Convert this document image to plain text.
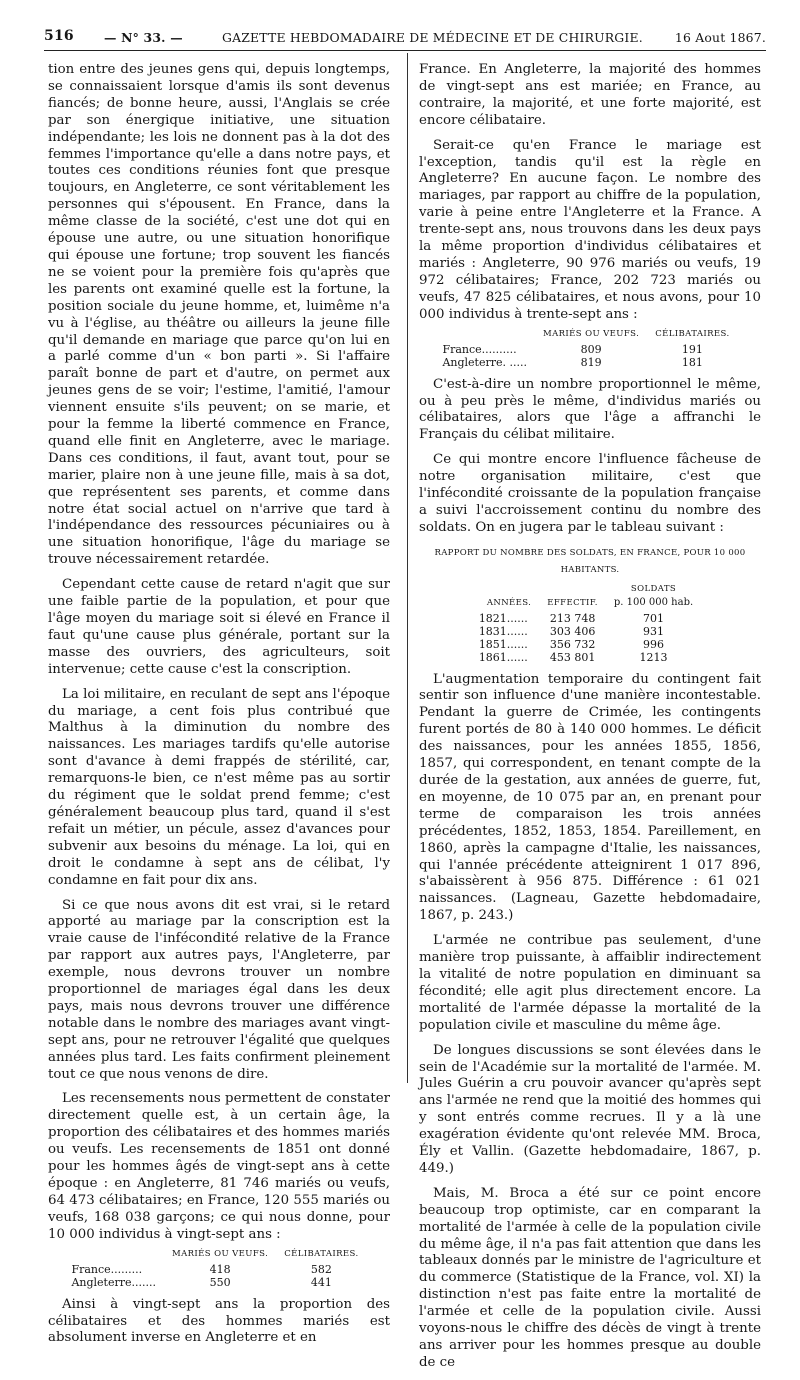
516 — N° 33. —	GAZETTE HEBDOMADAIRE DE MÉDECINE ET DE CHIRURGIE.	16 Aout 1867.

tion entre des jeunes gens qui, depuis longtemps, se connaissaient lorsque d'amis ils sont devenus fiancés; de bonne heure, aussi, l'Anglais se crée par son énergique initiative, une situation indépendante; les lois ne donnent pas à la dot des femmes l'importance qu'elle a dans notre pays, et toutes ces conditions réunies font que presque toujours, en Angleterre, ce sont véritablement les personnes qui s'épousent. En France, dans la même classe de la société, c'est une dot qui en épouse une autre, ou une situation honorifique qui épouse une fortune; trop souvent les fiancés ne se voient pour la première fois qu'après que les parents ont examiné quelle est la fortune, la position sociale du jeune homme, et, luimême n'a vu à l'église, au théâtre ou ailleurs la jeune fille qu'il demande en mariage que parce qu'on lui en a parlé comme d'un « bon parti ». Si l'affaire paraît bonne de part et d'autre, on permet aux jeunes gens de se voir; l'estime, l'amitié, l'amour viennent ensuite s'ils peuvent; on se marie, et pour la femme la liberté commence en France, quand elle finit en Angleterre, avec le mariage. Dans ces conditions, il faut, avant tout, pour se marier, plaire non à une jeune fille, mais à sa dot, que représentent ses parents, et comme dans notre état social actuel on n'arrive que tard à l'indépendance des ressources pécuniaires ou à une situation honorifique, l'âge du mariage se trouve nécessairement retardée.

Cependant cette cause de retard n'agit que sur une faible partie de la population, et pour que l'âge moyen du mariage soit si élevé en France il faut qu'une cause plus générale, portant sur la masse des ouvriers, des agriculteurs, soit intervenue; cette cause c'est la conscription.

La loi militaire, en reculant de sept ans l'époque du mariage, a cent fois plus contribué que Malthus à la diminution du nombre des naissances. Les mariages tardifs qu'elle autorise sont d'avance à demi frappés de stérilité, car, remarquons-le bien, ce n'est même pas au sortir du régiment que le soldat prend femme; c'est généralement beaucoup plus tard, quand il s'est refait un métier, un pécule, assez d'avances pour subvenir aux besoins du ménage. La loi, qui en droit le condamne à sept ans de célibat, l'y condamne en fait pour dix ans.

Si ce que nous avons dit est vrai, si le retard apporté au mariage par la conscription est la vraie cause de l'infécondité relative de la France par rapport aux autres pays, l'Angleterre, par exemple, nous devrons trouver un nombre proportionnel de mariages égal dans les deux pays, mais nous devrons trouver une différence notable dans le nombre des mariages avant vingt-sept ans, pour ne retrouver l'égalité que quelques années plus tard. Les faits confirment pleinement tout ce que nous venons de dire.

Les recensements nous permettent de constater directement quelle est, à un certain âge, la proportion des célibataires et des hommes mariés ou veufs. Les recensements de 1851 ont donné pour les hommes âgés de vingt-sept ans à cette époque : en Angleterre, 81 746 mariés ou veufs, 64 473 célibataires; en France, 120 555 mariés ou veufs, 168 038 garçons; ce qui nous donne, pour 10 000 individus à vingt-sept ans :

	MARIÉS OU VEUFS.	CÉLIBATAIRES.
France.........	418	582
Angleterre.......	550	441

Ainsi à vingt-sept ans la proportion des célibataires et des hommes mariés est absolument inverse en Angleterre et en

France. En Angleterre, la majorité des hommes de vingt-sept ans est mariée; en France, au contraire, la majorité, et une forte majorité, est encore célibataire.

Serait-ce qu'en France le mariage est l'exception, tandis qu'il est la règle en Angleterre? En aucune façon. Le nombre des mariages, par rapport au chiffre de la population, varie à peine entre l'Angleterre et la France. A trente-sept ans, nous trouvons dans les deux pays la même proportion d'individus célibataires et mariés : Angleterre, 90 976 mariés ou veufs, 19 972 célibataires; France, 202 723 mariés ou veufs, 47 825 célibataires, et nous avons, pour 10 000 individus à trente-sept ans :

	MARIÉS OU VEUFS.	CÉLIBATAIRES.
France..........	809	191
Angleterre. .....	819	181

C'est-à-dire un nombre proportionnel le même, ou à peu près le même, d'individus mariés ou célibataires, alors que l'âge a affranchi le Français du célibat militaire.

Ce qui montre encore l'influence fâcheuse de notre organisation militaire, c'est que l'infécondité croissante de la population française a suivi l'accroissement continu du nombre des soldats. On en jugera par le tableau suivant :

RAPPORT DU NOMBRE DES SOLDATS, EN FRANCE, POUR 10 000 HABITANTS.
ANNÉES.	EFFECTIF.	SOLDATS
p. 100 000 hab.
1821......	213 748	701
1831......	303 406	931
1851......	356 732	996
1861......	453 801	1213

L'augmentation temporaire du contingent fait sentir son influence d'une manière incontestable. Pendant la guerre de Crimée, les contingents furent portés de 80 à 140 000 hommes. Le déficit des naissances, pour les années 1855, 1856, 1857, qui correspondent, en tenant compte de la durée de la gestation, aux années de guerre, fut, en moyenne, de 10 075 par an, en prenant pour terme de comparaison les trois années précédentes, 1852, 1853, 1854. Pareillement, en 1860, après la campagne d'Italie, les naissances, qui l'année précédente atteignirent 1 017 896, s'abaissèrent à 956 875. Différence : 61 021 naissances. (Lagneau, Gazette hebdomadaire, 1867, p. 243.)

L'armée ne contribue pas seulement, d'une manière trop puissante, à affaiblir indirectement la vitalité de notre population en diminuant sa fécondité; elle agit plus directement encore. La mortalité de l'armée dépasse la mortalité de la population civile et masculine du même âge.

De longues discussions se sont élevées dans le sein de l'Académie sur la mortalité de l'armée. M. Jules Guérin a cru pouvoir avancer qu'après sept ans l'armée ne rend que la moitié des hommes qui y sont entrés comme recrues. Il y a là une exagération évidente qu'ont relevée MM. Broca, Ély et Vallin. (Gazette hebdomadaire, 1867, p. 449.)

Mais, M. Broca a été sur ce point encore beaucoup trop optimiste, car en comparant la mortalité de l'armée à celle de la population civile du même âge, il n'a pas fait attention que dans les tableaux donnés par le ministre de l'agriculture et du commerce (Statistique de la France, vol. XI) la distinction n'est pas faite entre la mortalité de l'armée et celle de la population civile. Aussi voyons-nous le chiffre des décès de vingt à trente ans arriver pour les hommes presque au double de ce
